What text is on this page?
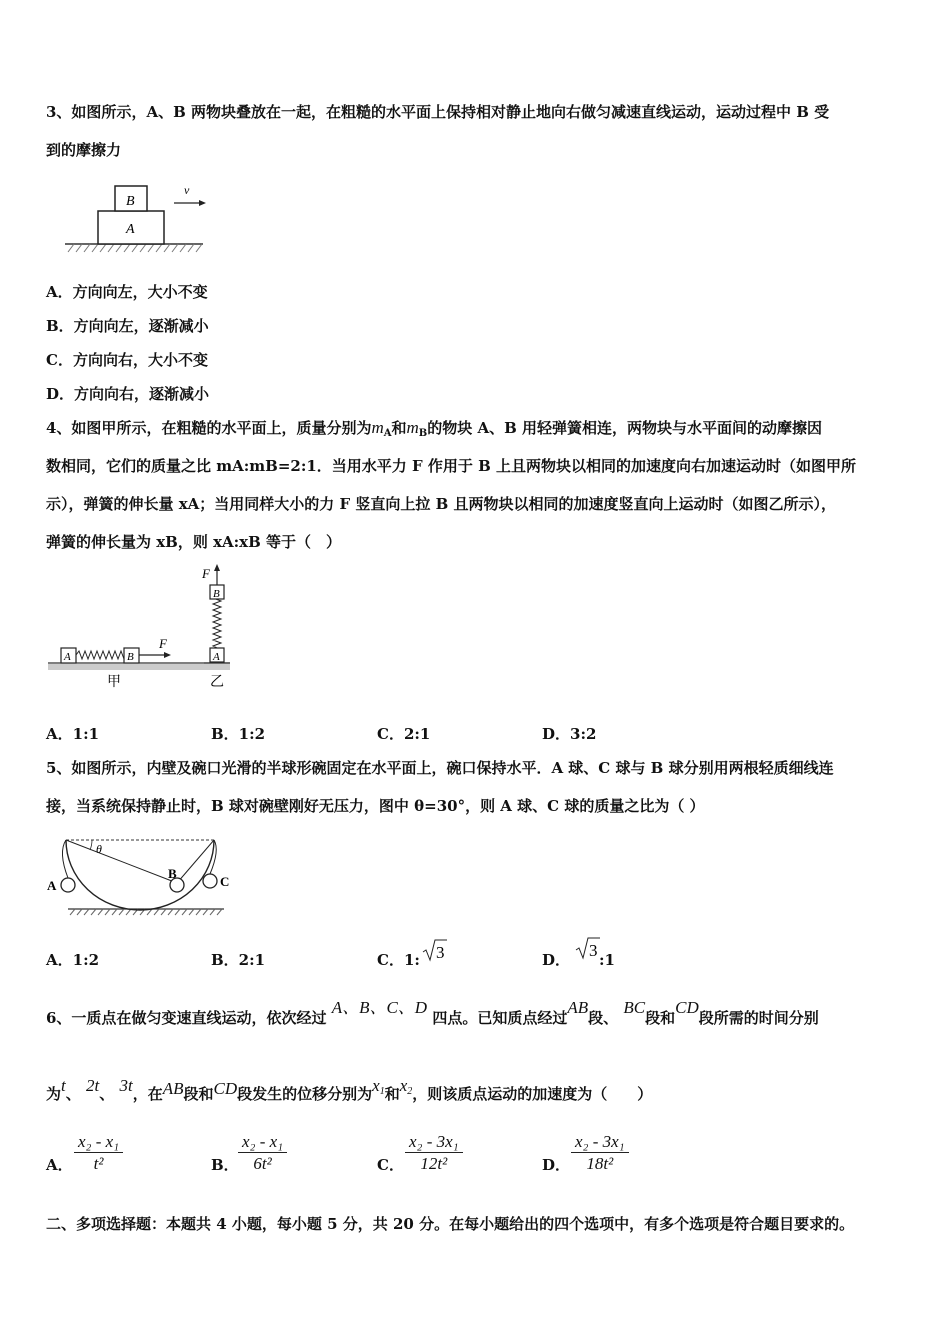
3、如图所示，A、B 两物块叠放在一起，在粗糙的水平面上保持相对静止地向右做匀减速直线运动，运动过程中 B 受
到的摩擦力
A
B
v
A．方向向左，大小不变
B．方向向左，逐渐减小
C．方向向右，大小不变
D．方向向右，逐渐减小
4、如图甲所示，在粗糙的水平面上，质量分别为$m_A$和$m_B$的物块 A、B 用轻弹簧相连，两物块与水平面间的动摩擦因
数相同，它们的质量之比 mA:mB=2:1．当用水平力 F 作用于 B 上且两物块以相同的加速度向右加速运动时（如图甲所
示），弹簧的伸长量 xA；当用同样大小的力 F 竖直向上拉 B 且两物块以相同的加速度竖直向上运动时（如图乙所示），
弹簧的伸长量为 xB，则 xA:xB 等于（　）
A	B
F
甲
A
B
F
乙
A．1:1	B．1:2	C．2:1	D．3:2
5、如图所示，内壁及碗口光滑的半球形碗固定在水平面上，碗口保持水平．A 球、C 球与 B 球分别用两根轻质细线连
接，当系统保持静止时，B 球对碗壁刚好无压力，图中 θ=30°，则 A 球、C 球的质量之比为（ ）
θ
A
B
C
A．1:2	B．2:1	C．1: 3	D． 3 :1
6、一质点在做匀变速直线运动，依次经过 A、B、C、D 四点。已知质点经过AB段、 BC段和CD段所需的时间分别
为t、 2t、 3t，在AB段和CD段发生的位移分别为$x_1$和$x_2$，则该质点运动的加速度为（　　）
A． $\frac{\text{x₂ - x₁}}{\text{t²}}$	B． $\frac{\text{x₂ - x₁}}{\text{6t²}}$	C． $\frac{\text{x₂ - 3x₁}}{\text{12t²}}$	D． $\frac{\text{x₂ - 3x₁}}{\text{18t²}}$
二、多项选择题：本题共 4 小题，每小题 5 分，共 20 分。在每小题给出的四个选项中，有多个选项是符合题目要求的。
